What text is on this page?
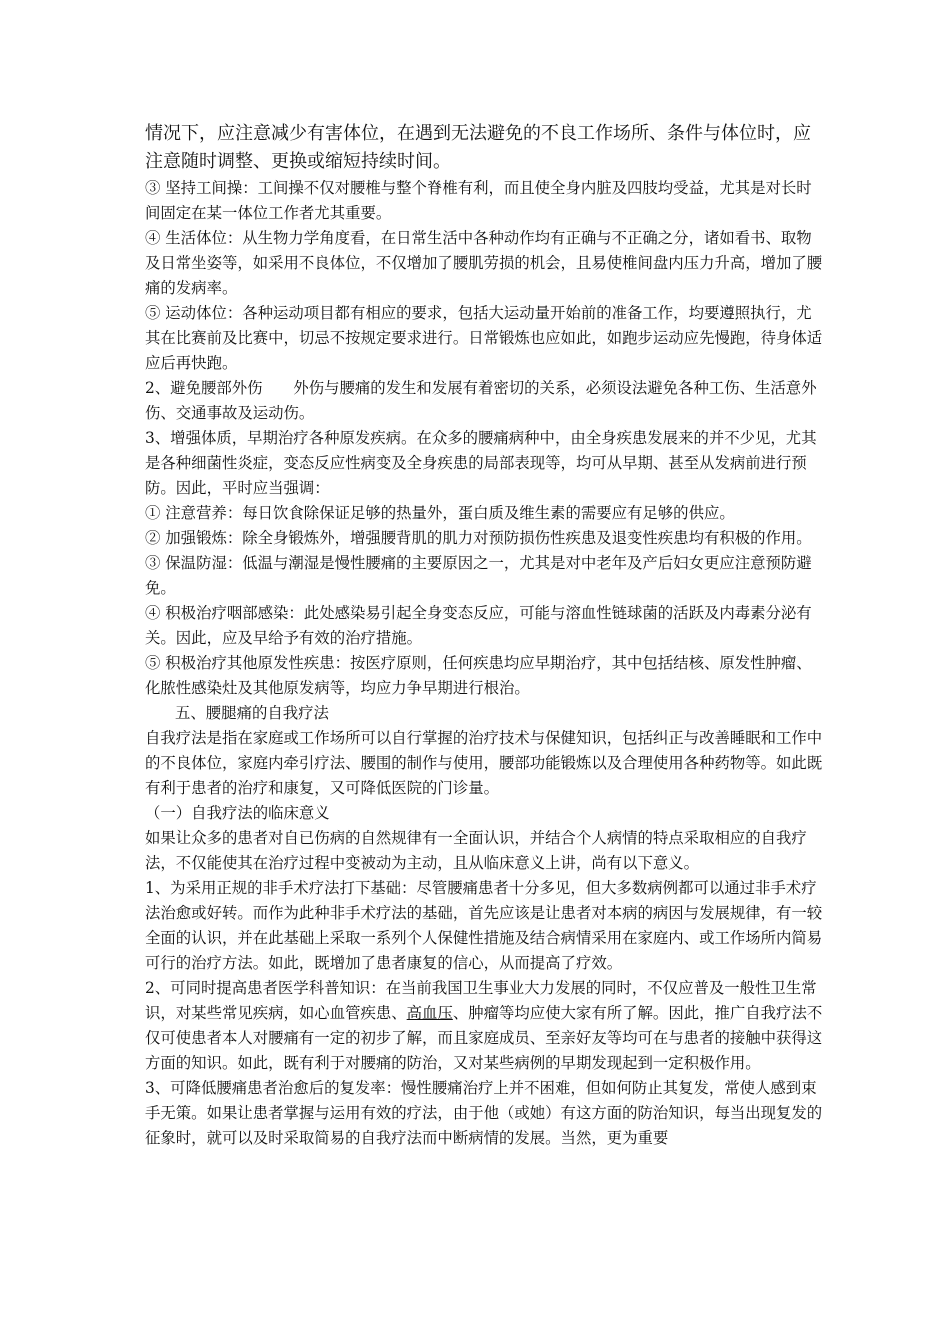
情况下，应注意减少有害体位，在遇到无法避免的不良工作场所、条件与体位时，应注意随时调整、更换或缩短持续时间。

③ 坚持工间操：工间操不仅对腰椎与整个脊椎有利，而且使全身内脏及四肢均受益，尤其是对长时间固定在某一体位工作者尤其重要。

④ 生活体位：从生物力学角度看，在日常生活中各种动作均有正确与不正确之分，诸如看书、取物及日常坐姿等，如采用不良体位，不仅增加了腰肌劳损的机会，且易使椎间盘内压力升高，增加了腰痛的发病率。

⑤ 运动体位：各种运动项目都有相应的要求，包括大运动量开始前的准备工作，均要遵照执行，尤其在比赛前及比赛中，切忌不按规定要求进行。日常锻炼也应如此，如跑步运动应先慢跑，待身体适应后再快跑。

2、避免腰部外伤　　外伤与腰痛的发生和发展有着密切的关系，必须设法避免各种工伤、生活意外伤、交通事故及运动伤。

3、增强体质，早期治疗各种原发疾病。在众多的腰痛病种中，由全身疾患发展来的并不少见，尤其是各种细菌性炎症，变态反应性病变及全身疾患的局部表现等，均可从早期、甚至从发病前进行预防。因此，平时应当强调：

① 注意营养：每日饮食除保证足够的热量外，蛋白质及维生素的需要应有足够的供应。

② 加强锻炼：除全身锻炼外，增强腰背肌的肌力对预防损伤性疾患及退变性疾患均有积极的作用。

③ 保温防湿：低温与潮湿是慢性腰痛的主要原因之一，尤其是对中老年及产后妇女更应注意预防避免。

④ 积极治疗咽部感染：此处感染易引起全身变态反应，可能与溶血性链球菌的活跃及内毒素分泌有关。因此，应及早给予有效的治疗措施。

⑤ 积极治疗其他原发性疾患：按医疗原则，任何疾患均应早期治疗，其中包括结核、原发性肿瘤、化脓性感染灶及其他原发病等，均应力争早期进行根治。

五、腰腿痛的自我疗法

自我疗法是指在家庭或工作场所可以自行掌握的治疗技术与保健知识，包括纠正与改善睡眠和工作中的不良体位，家庭内牵引疗法、腰围的制作与使用，腰部功能锻炼以及合理使用各种药物等。如此既有利于患者的治疗和康复，又可降低医院的门诊量。

（一）自我疗法的临床意义

如果让众多的患者对自已伤病的自然规律有一全面认识，并结合个人病情的特点采取相应的自我疗法，不仅能使其在治疗过程中变被动为主动，且从临床意义上讲，尚有以下意义。

1、为采用正规的非手术疗法打下基础：尽管腰痛患者十分多见，但大多数病例都可以通过非手术疗法治愈或好转。而作为此种非手术疗法的基础，首先应该是让患者对本病的病因与发展规律，有一较全面的认识，并在此基础上采取一系列个人保健性措施及结合病情采用在家庭内、或工作场所内简易可行的治疗方法。如此，既增加了患者康复的信心，从而提高了疗效。

2、可同时提高患者医学科普知识：在当前我国卫生事业大力发展的同时，不仅应普及一般性卫生常识，对某些常见疾病，如心血管疾患、高血压、肿瘤等均应使大家有所了解。因此，推广自我疗法不仅可使患者本人对腰痛有一定的初步了解，而且家庭成员、至亲好友等均可在与患者的接触中获得这方面的知识。如此，既有利于对腰痛的防治，又对某些病例的早期发现起到一定积极作用。

3、可降低腰痛患者治愈后的复发率：慢性腰痛治疗上并不困难，但如何防止其复发，常使人感到束手无策。如果让患者掌握与运用有效的疗法，由于他（或她）有这方面的防治知识，每当出现复发的征象时，就可以及时采取简易的自我疗法而中断病情的发展。当然，更为重要
